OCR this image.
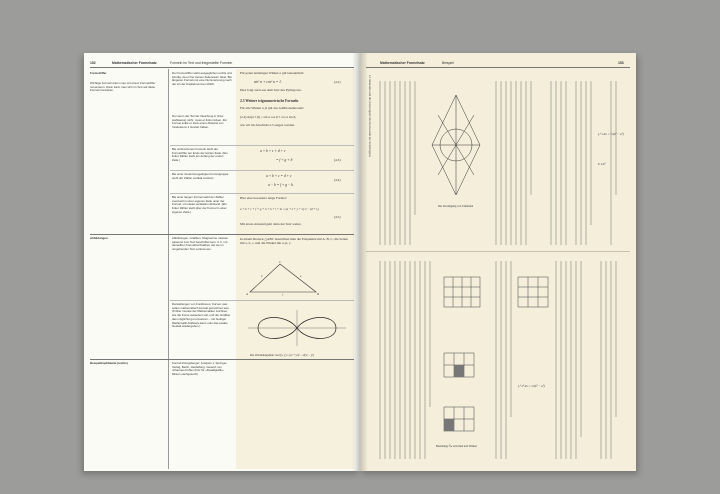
152	Mathematischer Formelsatz	Formeln im Text und freigestellte Formeln
Formelziffer
Wichtige Formeln kann man mit einem Formelziffer numerieren. Dann kann man sich im Text auf diese Formeln beziehen.
Der Formelziffer steht ausgeglichen rechts und bündig, da er hier keinen Zeilenraum fasst. Bei längeren Formeln ist eine Nummerierung nach der Art der Kapitelnummer üblich.
Nur wenn der Teil der Gleichung in (bzw. wahlweise) nicht, muss er links rücken. Zur Formel sollte er stets einen Abstand von mindestens 1 Geviert haben.
Für jeden beliebigen Winkel α gilt bekanntlich:
sin² α + cos² α = 1.	(4.2)
Dies folgt auch aus dem Satz des Pythagoras.
2.3 Weitere trigonometrische Formeln
Für alle Winkel α, β gilt das Additionstheorem:
(2.4) sin(α ± β) = sin α cos β ± cos α sin β,
wie wir im Abschnitt 2.5 zeigen werden.
Bei umbrochenen Formeln steht der Formelziffer am Ende der letzten Zeile. (Ein linker Zähler steht am Anfang der ersten Zeile.)
a + b + c + d + e
= f + g + h	(4.3)
Bei einer zusammengefügten Formelgruppe steht der Zähler vertikal zentriert.	a + b + c = d + e
a − b = f + g − h.
(4.4)
Bei einer langen Formel steht der Zähler eventuell in einer eigenen Zeile unter der Formel, mit etwas vertikalem Abstand. (Ein linker Zähler steht über der Formel in einer eigenen Zeile.)
Hier eine besonders lange Formel:
a + b + c + f + g + h + k + l + m = (a + z + y + x)·2 − (d + r),
(4.5)
Mit etwas Abstand geht dann der Text weiter.
Abbildungen	Abbildungen, Grafiken, Diagramme müssen passend zum Text beschriftet sein, d. h. mit denselben Formelbuchstaben wie sie im umgebenden Text vorkommen.
In einem Dreieck △ABC bezeichnet man die Eckpunkte mit A, B, C, die Seiten mit a, b, c, und die Winkel mit α, β, γ.
A	B
C
c
a
b
Darstellungen von Funktionen, Kurven usw. sollen mathematisch korrekt gezeichnet sein. (Früher musste der Mathematiker zeichnen, wie die Kurve aussehen soll, und der Grafiker das möglichst gut umsetzen – mit heutiger Mathematik-Software kann man das exakte Gestalt wiedergeben.)
Die Verbindungslinie von f(x, y) = (x² + y²)² − a²(x² − y²)
Beispielkopfdateile (rechts)	Konrad Königsberger: Analysis 1, Springer-Verlag, Berlin, Heidelberg. Gesetzt von Johannes Köhler (hier für »Detaillgrafik« Minion nachgesetzt)
Mathematischer Formelsatz	Beispiel	153
12 Abstrakte und die Konvergenz des Konvexität der Kreisbogens
Die Vereinigung von Umläufen
∫ₐᵇ x dx = ½(b² − a²)
Σ 1/k²
Beziehung ℛₙ zwischen und Winkel
∫ₐᵇ x² dx = ⅓(b³ − a³)
